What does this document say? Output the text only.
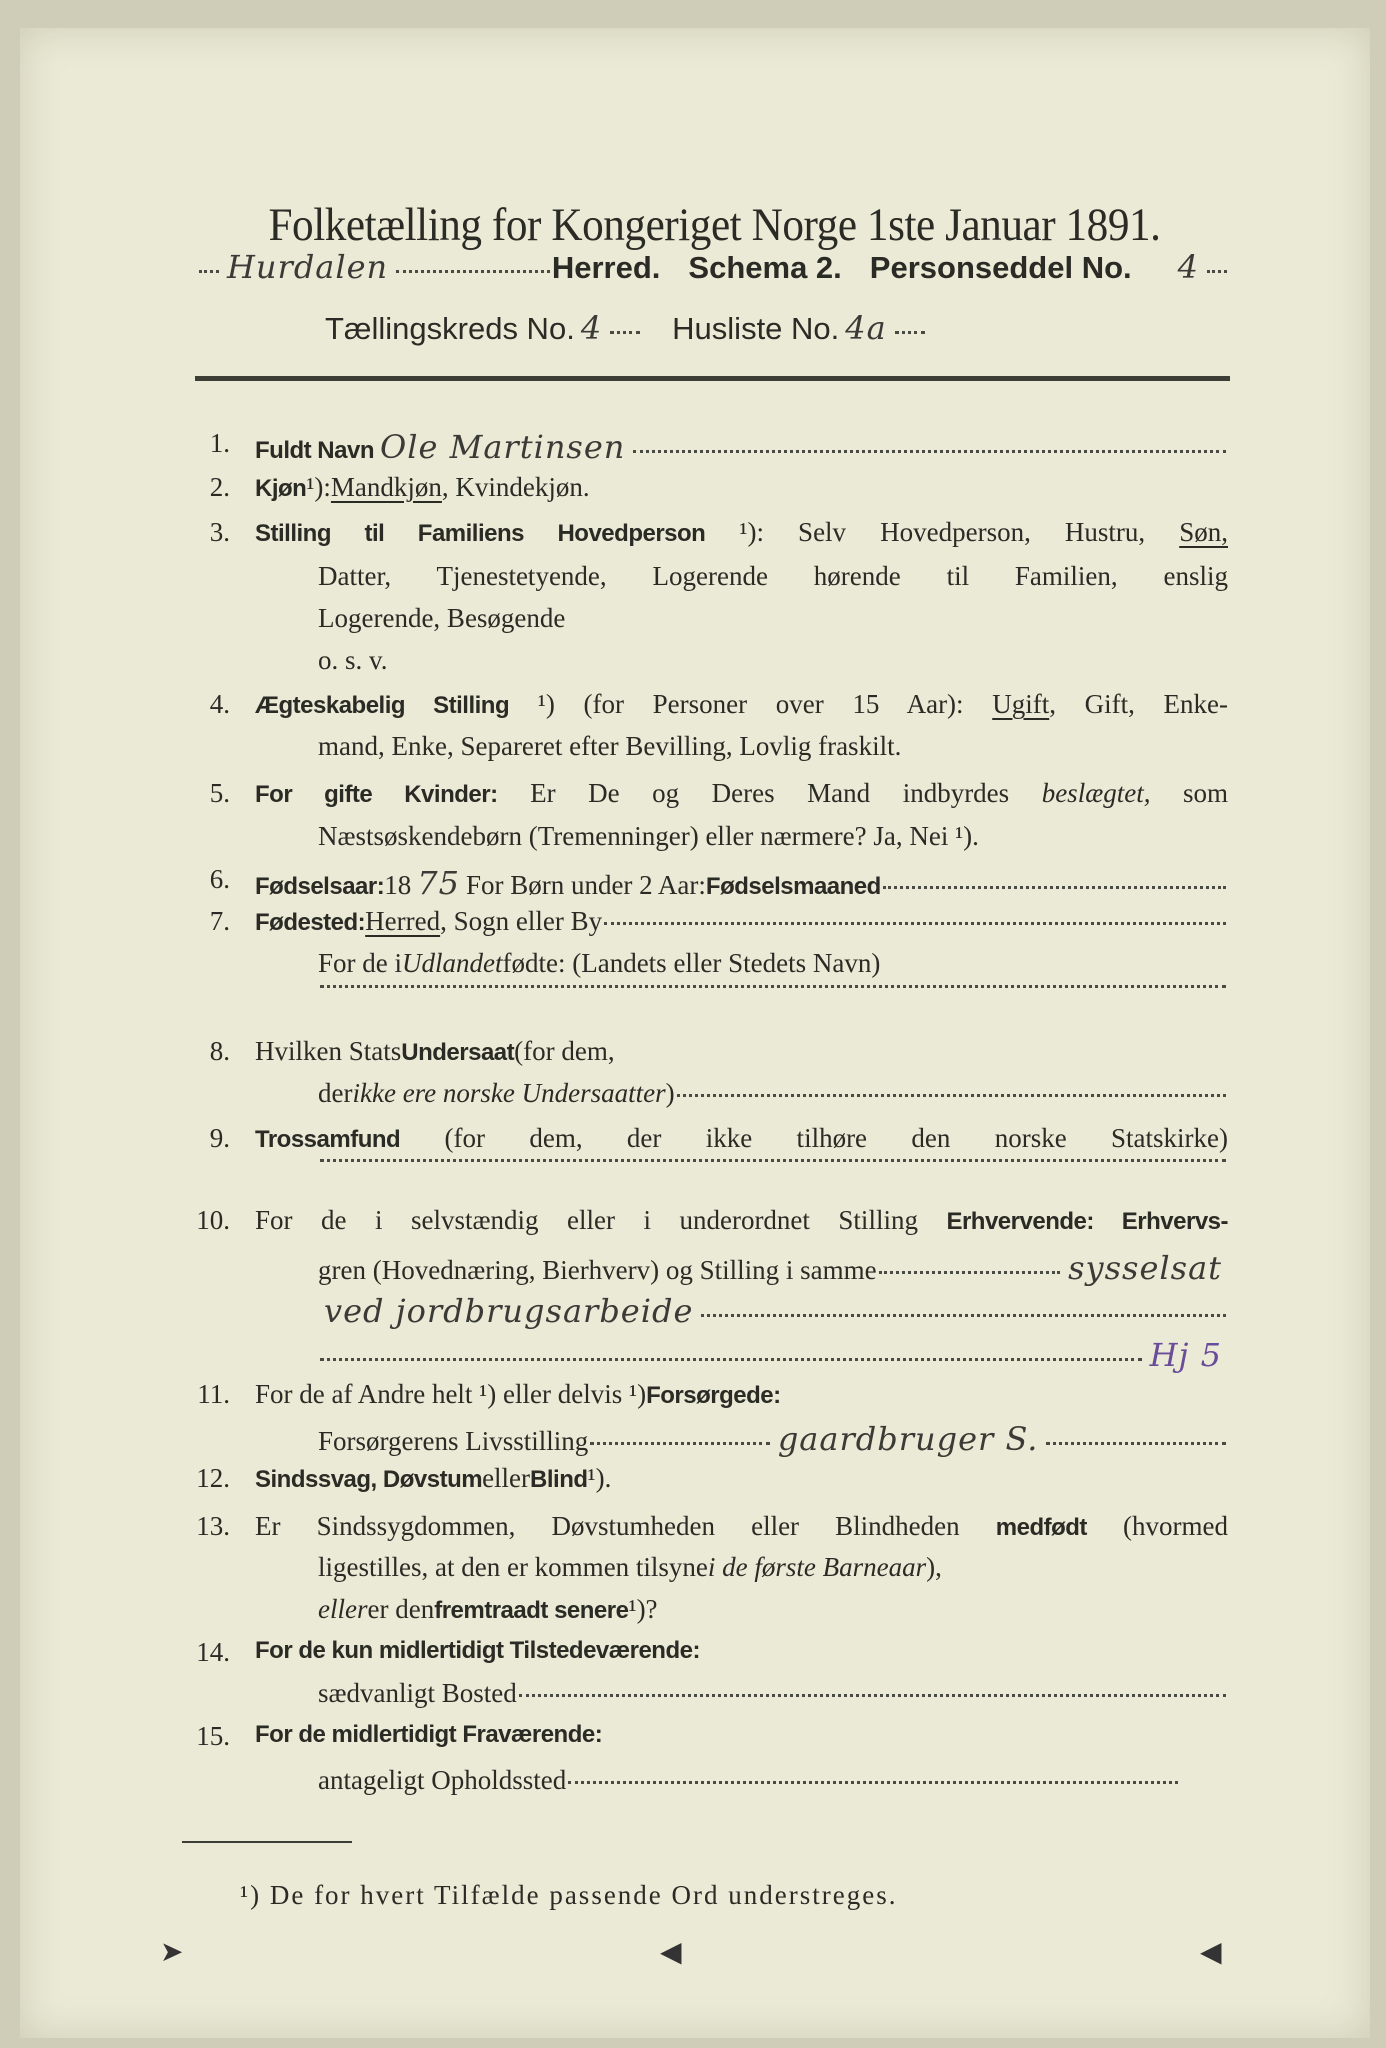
Folketælling for Kongeriget Norge 1ste Januar 1891.
Hurdalen	Herred. Schema 2. Personseddel No. 4
Tællingskreds No. 4 Husliste No. 4a
1. Fuldt Navn Ole Martinsen
2. Kjøn ¹): Mandkjøn , Kvindekjøn.
3. Stilling til Familiens Hovedperson ¹): Selv Hovedperson, Hustru, Søn,
Datter, Tjenestetyende, Logerende hørende til Familien, enslig
Logerende, Besøgende
o. s. v.
4. Ægteskabelig Stilling ¹) (for Personer over 15 Aar): Ugift, Gift, Enke-
mand, Enke, Separeret efter Bevilling, Lovlig fraskilt.
5. For gifte Kvinder: Er De og Deres Mand indbyrdes beslægtet, som
Næstsøskendebørn (Tremenninger) eller nærmere? Ja, Nei ¹).
6. Fødselsaar: 18 75 For Børn under 2 Aar: Fødselsmaaned
7. Fødested: Herred , Sogn eller By
For de i Udlandet fødte: (Landets eller Stedets Navn)
8. Hvilken Stats Undersaat (for dem,
der ikke ere norske Undersaatter )
9. Trossamfund (for dem, der ikke tilhøre den norske Statskirke)
10. For de i selvstændig eller i underordnet Stilling Erhvervende: Erhvervs-
gren (Hovednæring, Bierhverv) og Stilling i samme	sysselsat
ved jordbrugsarbeide
Hj 5
11. For de af Andre helt ¹) eller delvis ¹) Forsørgede:
Forsørgerens Livsstilling	gaardbruger S.
12. Sindssvag, Døvstum eller Blind ¹).
13. Er Sindssygdommen, Døvstumheden eller Blindheden medfødt (hvormed
ligestilles, at den er kommen tilsyne i de første Barneaar ),
eller er den fremtraadt senere ¹)?
14. For de kun midlertidigt Tilstedeværende:
sædvanligt Bosted
15. For de midlertidigt Fraværende:
antageligt Opholdssted
¹) De for hvert Tilfælde passende Ord understreges.
➤	◀	◀
